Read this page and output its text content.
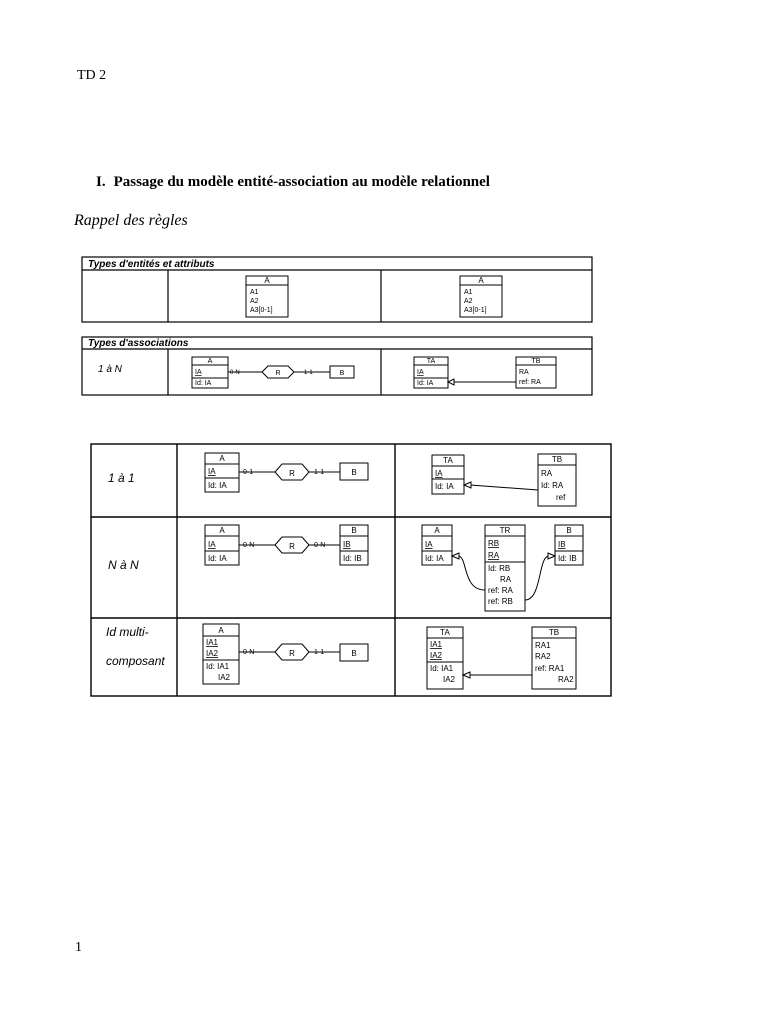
TD 2
I. Passage du modèle entité-association au modèle relationnel
Rappel des règles
Types d'entités et attributs
A
A1
A2
A3[0-1]
A
A1
A2
A3[0-1]
Types d'associations
1 à N
A
IA
Id: IA
0-N	R	1-1	B
TA
IA
Id: IA
TB
RA
ref: RA
1 à 1
A
IA
Id: IA
0-1	R	1-1	B
TA
IA
Id: IA
TB
RA
Id: RA
ref
N à N
A
IA
Id: IA
0-N	R	0-N
B
IB
Id: IB
A
IA
Id: IA
TR
RB
RA
Id: RB
RA
ref: RA
ref: RB
B
IB
Id: IB
Id multi-
composant
A
IA1
IA2
Id: IA1
IA2
0-N	R	1-1	B
TA
IA1
IA2
Id: IA1
IA2
TB
RA1
RA2
ref: RA1
RA2
1
